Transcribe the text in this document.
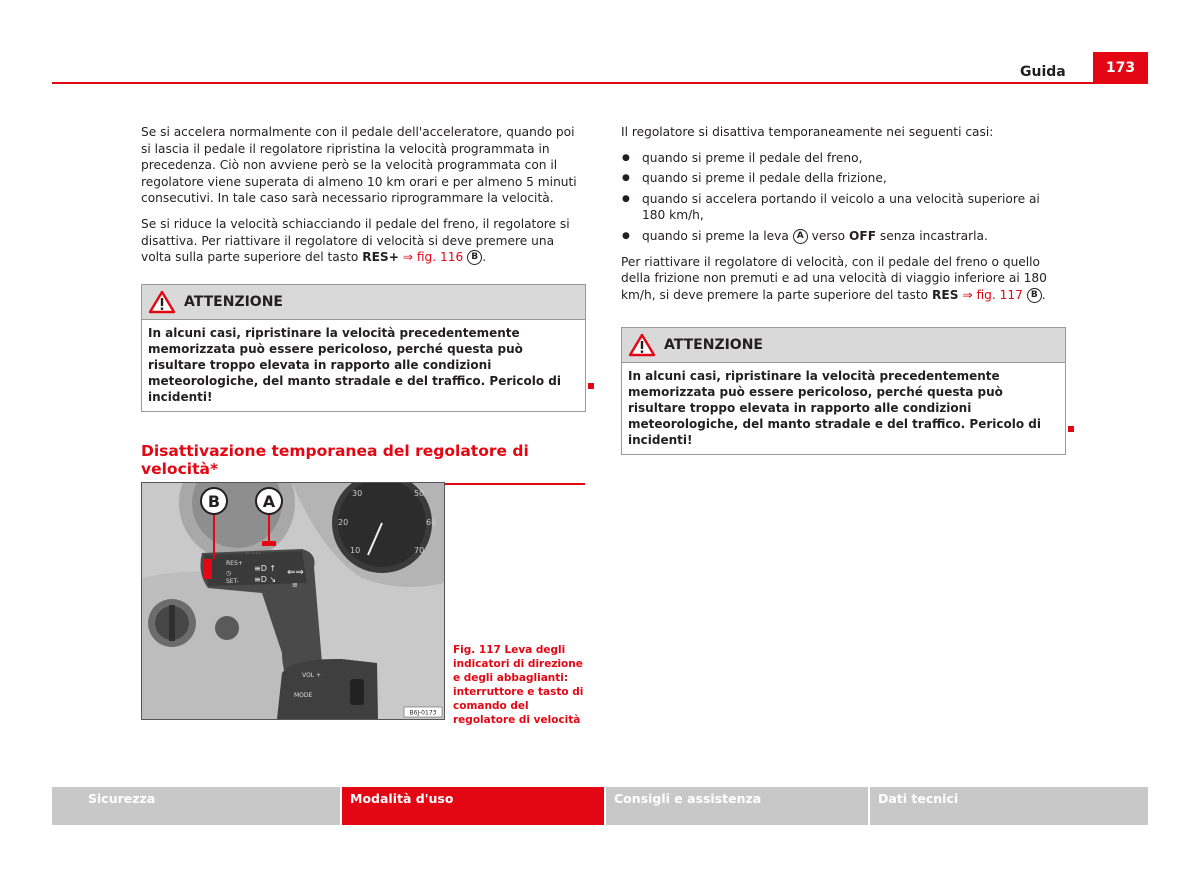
Guida	173

Se si accelera normalmente con il pedale dell'acceleratore, quando poi si lascia il pedale il regolatore ripristina la velocità programmata in precedenza. Ciò non avviene però se la velocità programmata con il regolatore viene superata di almeno 10 km orari e per almeno 5 minuti consecutivi. In tale caso sarà necessario riprogrammare la velocità.

Se si riduce la velocità schiacciando il pedale del freno, il regolatore si disattiva. Per riattivare il regolatore di velocità si deve premere una volta sulla parte superiore del tasto RES+ ⇒ fig. 116 B .

ATTENZIONE
In alcuni casi, ripristinare la velocità precedentemente memorizzata può essere pericoloso, perché questa può risultare troppo elevata in rapporto alle condizioni meteorologiche, del manto stradale e del traffico. Pericolo di incidenti!
Disattivazione temporanea del regolatore di velocità*
30	50
20	60
10	70
· · · · ·
RES+
◷
SET-
≡D ↑
≡D ↘
⇐⇒
≡
B	A
VOL +
MODE
B6J-0173
Fig. 117 Leva degli indicatori di direzione e degli abbaglianti: interruttore e tasto di comando del regolatore di velocità

Il regolatore si disattiva temporaneamente nei seguenti casi:

● quando si preme il pedale del freno,
● quando si preme il pedale della frizione,
● quando si accelera portando il veicolo a una velocità superiore ai 180 km/h,
● quando si preme la leva A verso OFF senza incastrarla.

Per riattivare il regolatore di velocità, con il pedale del freno o quello della frizione non premuti e ad una velocità di viaggio inferiore ai 180 km/h, si deve premere la parte superiore del tasto RES ⇒ fig. 117 B .

ATTENZIONE
In alcuni casi, ripristinare la velocità precedentemente memorizzata può essere pericoloso, perché questa può risultare troppo elevata in rapporto alle condizioni meteorologiche, del manto stradale e del traffico. Pericolo di incidenti!
Sicurezza	Modalità d'uso	Consigli e assistenza	Dati tecnici
